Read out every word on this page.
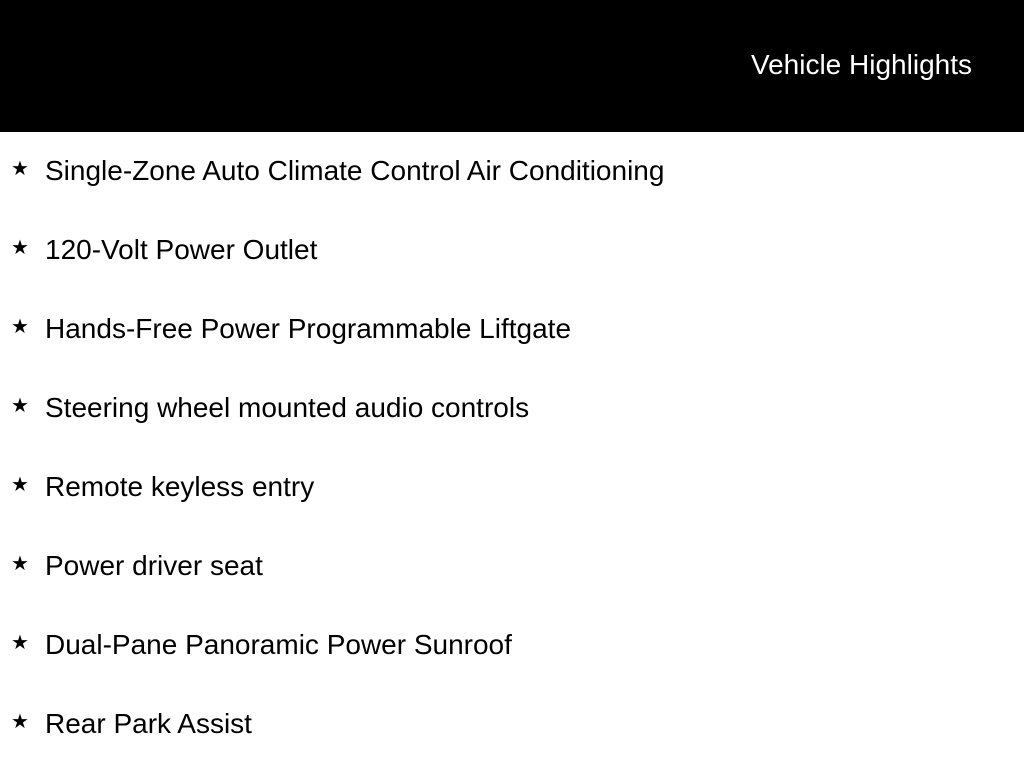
Vehicle Highlights
★ Single-Zone Auto Climate Control Air Conditioning
★ 120-Volt Power Outlet
★ Hands-Free Power Programmable Liftgate
★ Steering wheel mounted audio controls
★ Remote keyless entry
★ Power driver seat
★ Dual-Pane Panoramic Power Sunroof
★ Rear Park Assist
